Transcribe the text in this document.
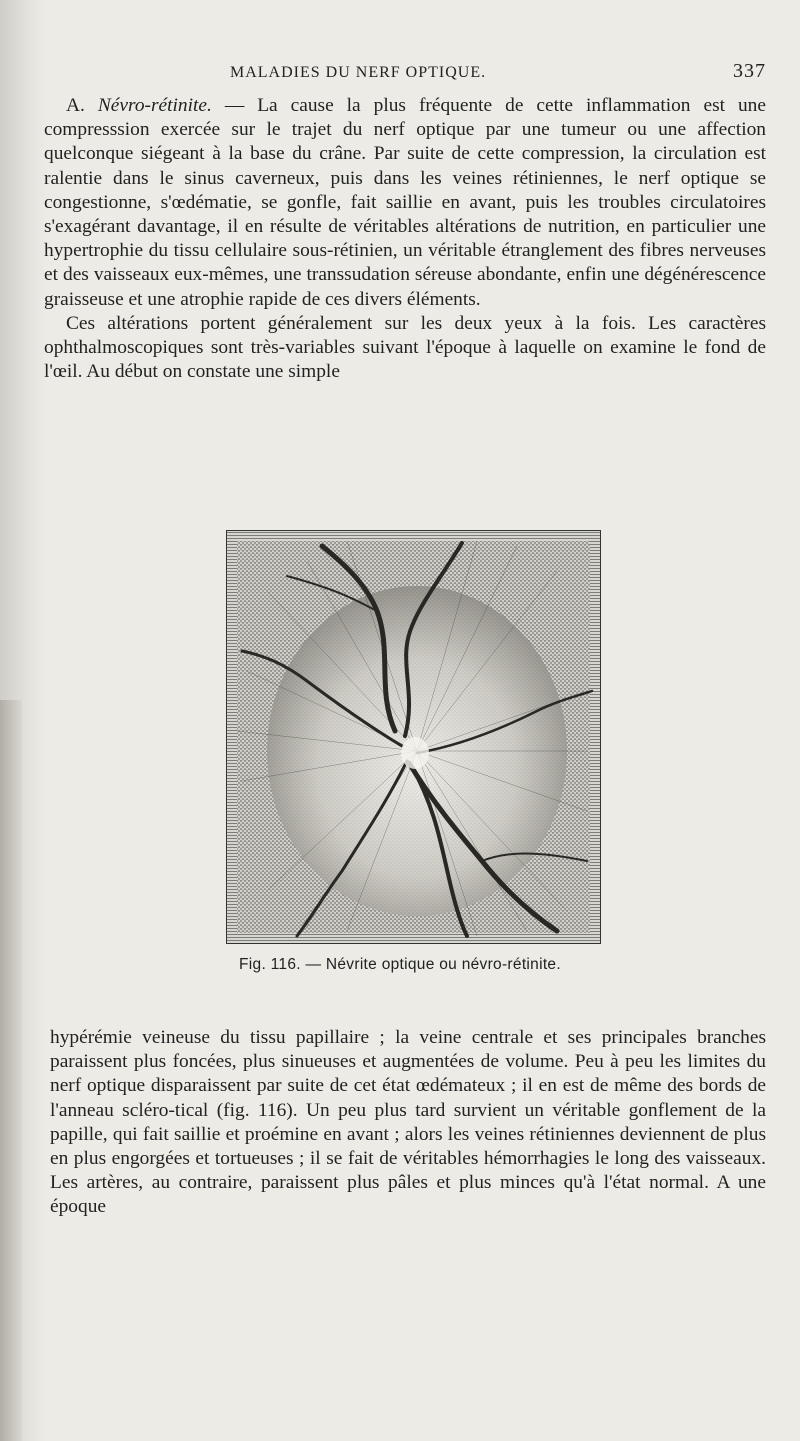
MALADIES DU NERF OPTIQUE.	337

A. Névro-rétinite. — La cause la plus fréquente de cette inflammation est une compresssion exercée sur le trajet du nerf optique par une tumeur ou une affection quelconque siégeant à la base du crâne. Par suite de cette compression, la circulation est ralentie dans le sinus caverneux, puis dans les veines rétiniennes, le nerf optique se congestionne, s'œdématie, se gonfle, fait saillie en avant, puis les troubles circulatoires s'exagérant davantage, il en résulte de véritables altérations de nutrition, en particulier une hypertrophie du tissu cellulaire sous-rétinien, un véritable étranglement des fibres nerveuses et des vaisseaux eux-mêmes, une transsudation séreuse abondante, enfin une dégénérescence graisseuse et une atrophie rapide de ces divers éléments.

Ces altérations portent généralement sur les deux yeux à la fois. Les caractères ophthalmoscopiques sont très-variables suivant l'époque à laquelle on examine le fond de l'œil. Au début on constate une simple

Fig. 116. — Névrite optique ou névro-rétinite.

hypérémie veineuse du tissu papillaire ; la veine centrale et ses principales branches paraissent plus foncées, plus sinueuses et augmentées de volume. Peu à peu les limites du nerf optique disparaissent par suite de cet état œdémateux ; il en est de même des bords de l'anneau scléro-tical (fig. 116). Un peu plus tard survient un véritable gonflement de la papille, qui fait saillie et proémine en avant ; alors les veines rétiniennes deviennent de plus en plus engorgées et tortueuses ; il se fait de véritables hémorrhagies le long des vaisseaux. Les artères, au contraire, paraissent plus pâles et plus minces qu'à l'état normal. A une époque
